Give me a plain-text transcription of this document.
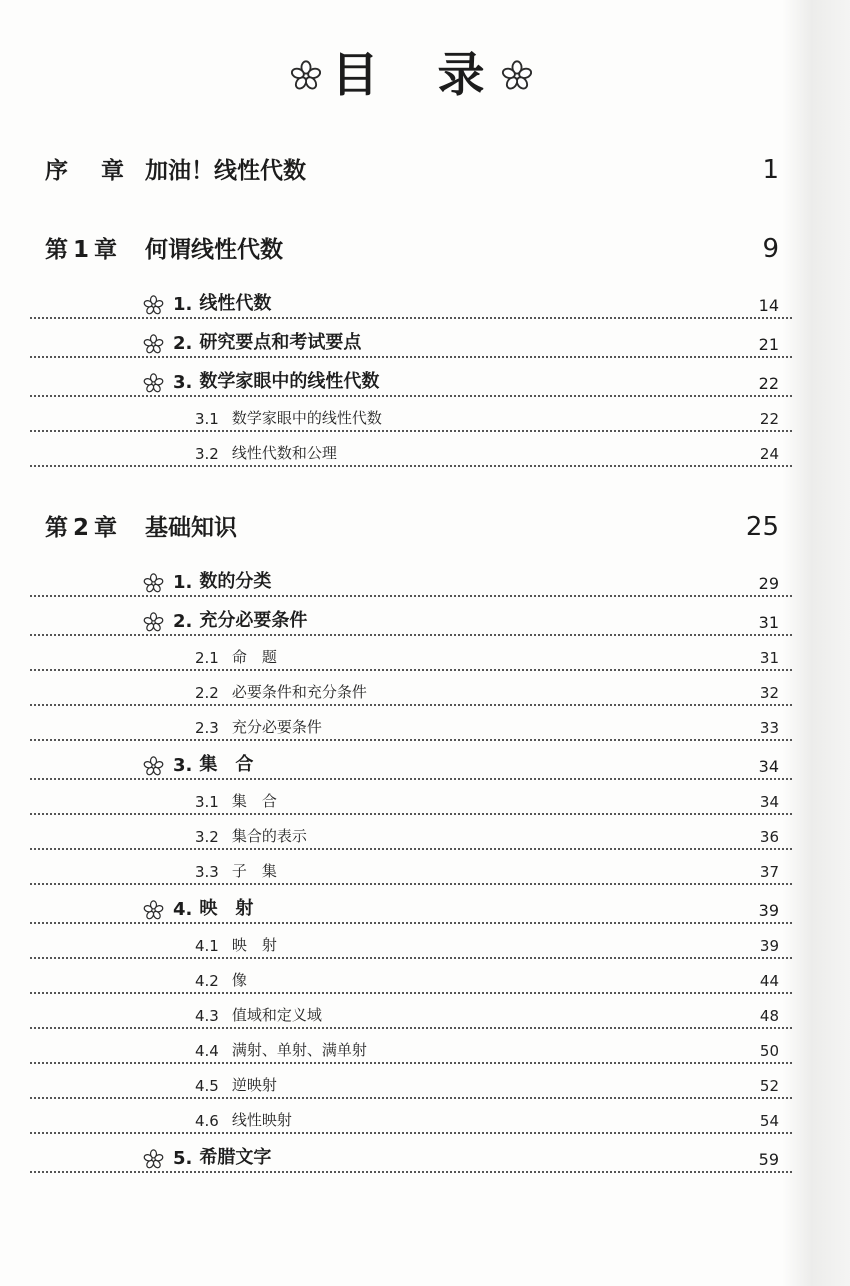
目　录
序　章 加油！线性代数	1
第1章 何谓线性代数	9
1. 线性代数	14
2. 研究要点和考试要点	21
3. 数学家眼中的线性代数	22
3.1 数学家眼中的线性代数	22
3.2 线性代数和公理	24
第2章 基础知识	25
1. 数的分类	29
2. 充分必要条件	31
2.1 命　题	31
2.2 必要条件和充分条件	32
2.3 充分必要条件	33
3. 集　合	34
3.1 集　合	34
3.2 集合的表示	36
3.3 子　集	37
4. 映　射	39
4.1 映　射	39
4.2 像	44
4.3 值域和定义域	48
4.4 满射、单射、满单射	50
4.5 逆映射	52
4.6 线性映射	54
5. 希腊文字	59
